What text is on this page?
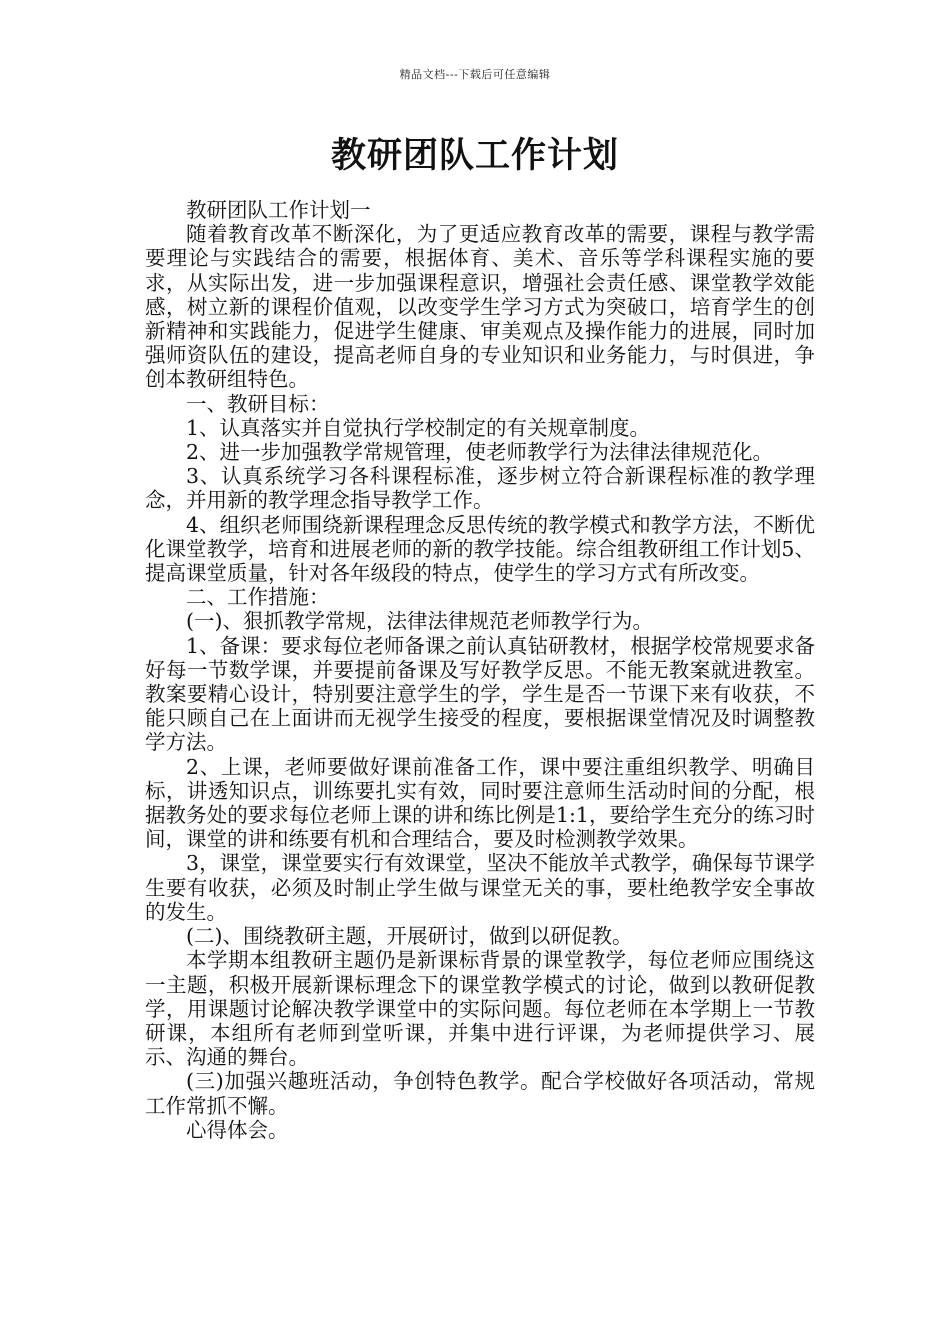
精品文档---下载后可任意编辑
教研团队工作计划

教研团队工作计划一

随着教育改革不断深化，为了更适应教育改革的需要，课程与教学需要理论与实践结合的需要，根据体育、美术、音乐等学科课程实施的要求，从实际出发，进一步加强课程意识，增强社会责任感、课堂教学效能感，树立新的课程价值观，以改变学生学习方式为突破口，培育学生的创新精神和实践能力，促进学生健康、审美观点及操作能力的进展，同时加强师资队伍的建设，提高老师自身的专业知识和业务能力，与时俱进，争创本教研组特色。

一、教研目标：

1、认真落实并自觉执行学校制定的有关规章制度。

2、进一步加强教学常规管理，使老师教学行为法律法律规范化。

3、认真系统学习各科课程标准，逐步树立符合新课程标准的教学理念，并用新的教学理念指导教学工作。

4、组织老师围绕新课程理念反思传统的教学模式和教学方法，不断优化课堂教学，培育和进展老师的新的教学技能。综合组教研组工作计划5、提高课堂质量，针对各年级段的特点，使学生的学习方式有所改变。

二、工作措施：

(一)、狠抓教学常规，法律法律规范老师教学行为。

1、备课：要求每位老师备课之前认真钻研教材，根据学校常规要求备好每一节数学课，并要提前备课及写好教学反思。不能无教案就进教室。教案要精心设计，特别要注意学生的学，学生是否一节课下来有收获，不能只顾自己在上面讲而无视学生接受的程度，要根据课堂情况及时调整教学方法。

2、上课，老师要做好课前准备工作，课中要注重组织教学、明确目标，讲透知识点，训练要扎实有效，同时要注意师生活动时间的分配，根据教务处的要求每位老师上课的讲和练比例是1:1，要给学生充分的练习时间，课堂的讲和练要有机和合理结合，要及时检测教学效果。

3，课堂，课堂要实行有效课堂，坚决不能放羊式教学，确保每节课学生要有收获，必须及时制止学生做与课堂无关的事，要杜绝教学安全事故的发生。

(二)、围绕教研主题，开展研讨，做到以研促教。

本学期本组教研主题仍是新课标背景的课堂教学，每位老师应围绕这一主题，积极开展新课标理念下的课堂教学模式的讨论，做到以教研促教学，用课题讨论解决教学课堂中的实际问题。每位老师在本学期上一节教研课，本组所有老师到堂听课，并集中进行评课，为老师提供学习、展示、沟通的舞台。

(三)加强兴趣班活动，争创特色教学。配合学校做好各项活动，常规工作常抓不懈。

心得体会。
